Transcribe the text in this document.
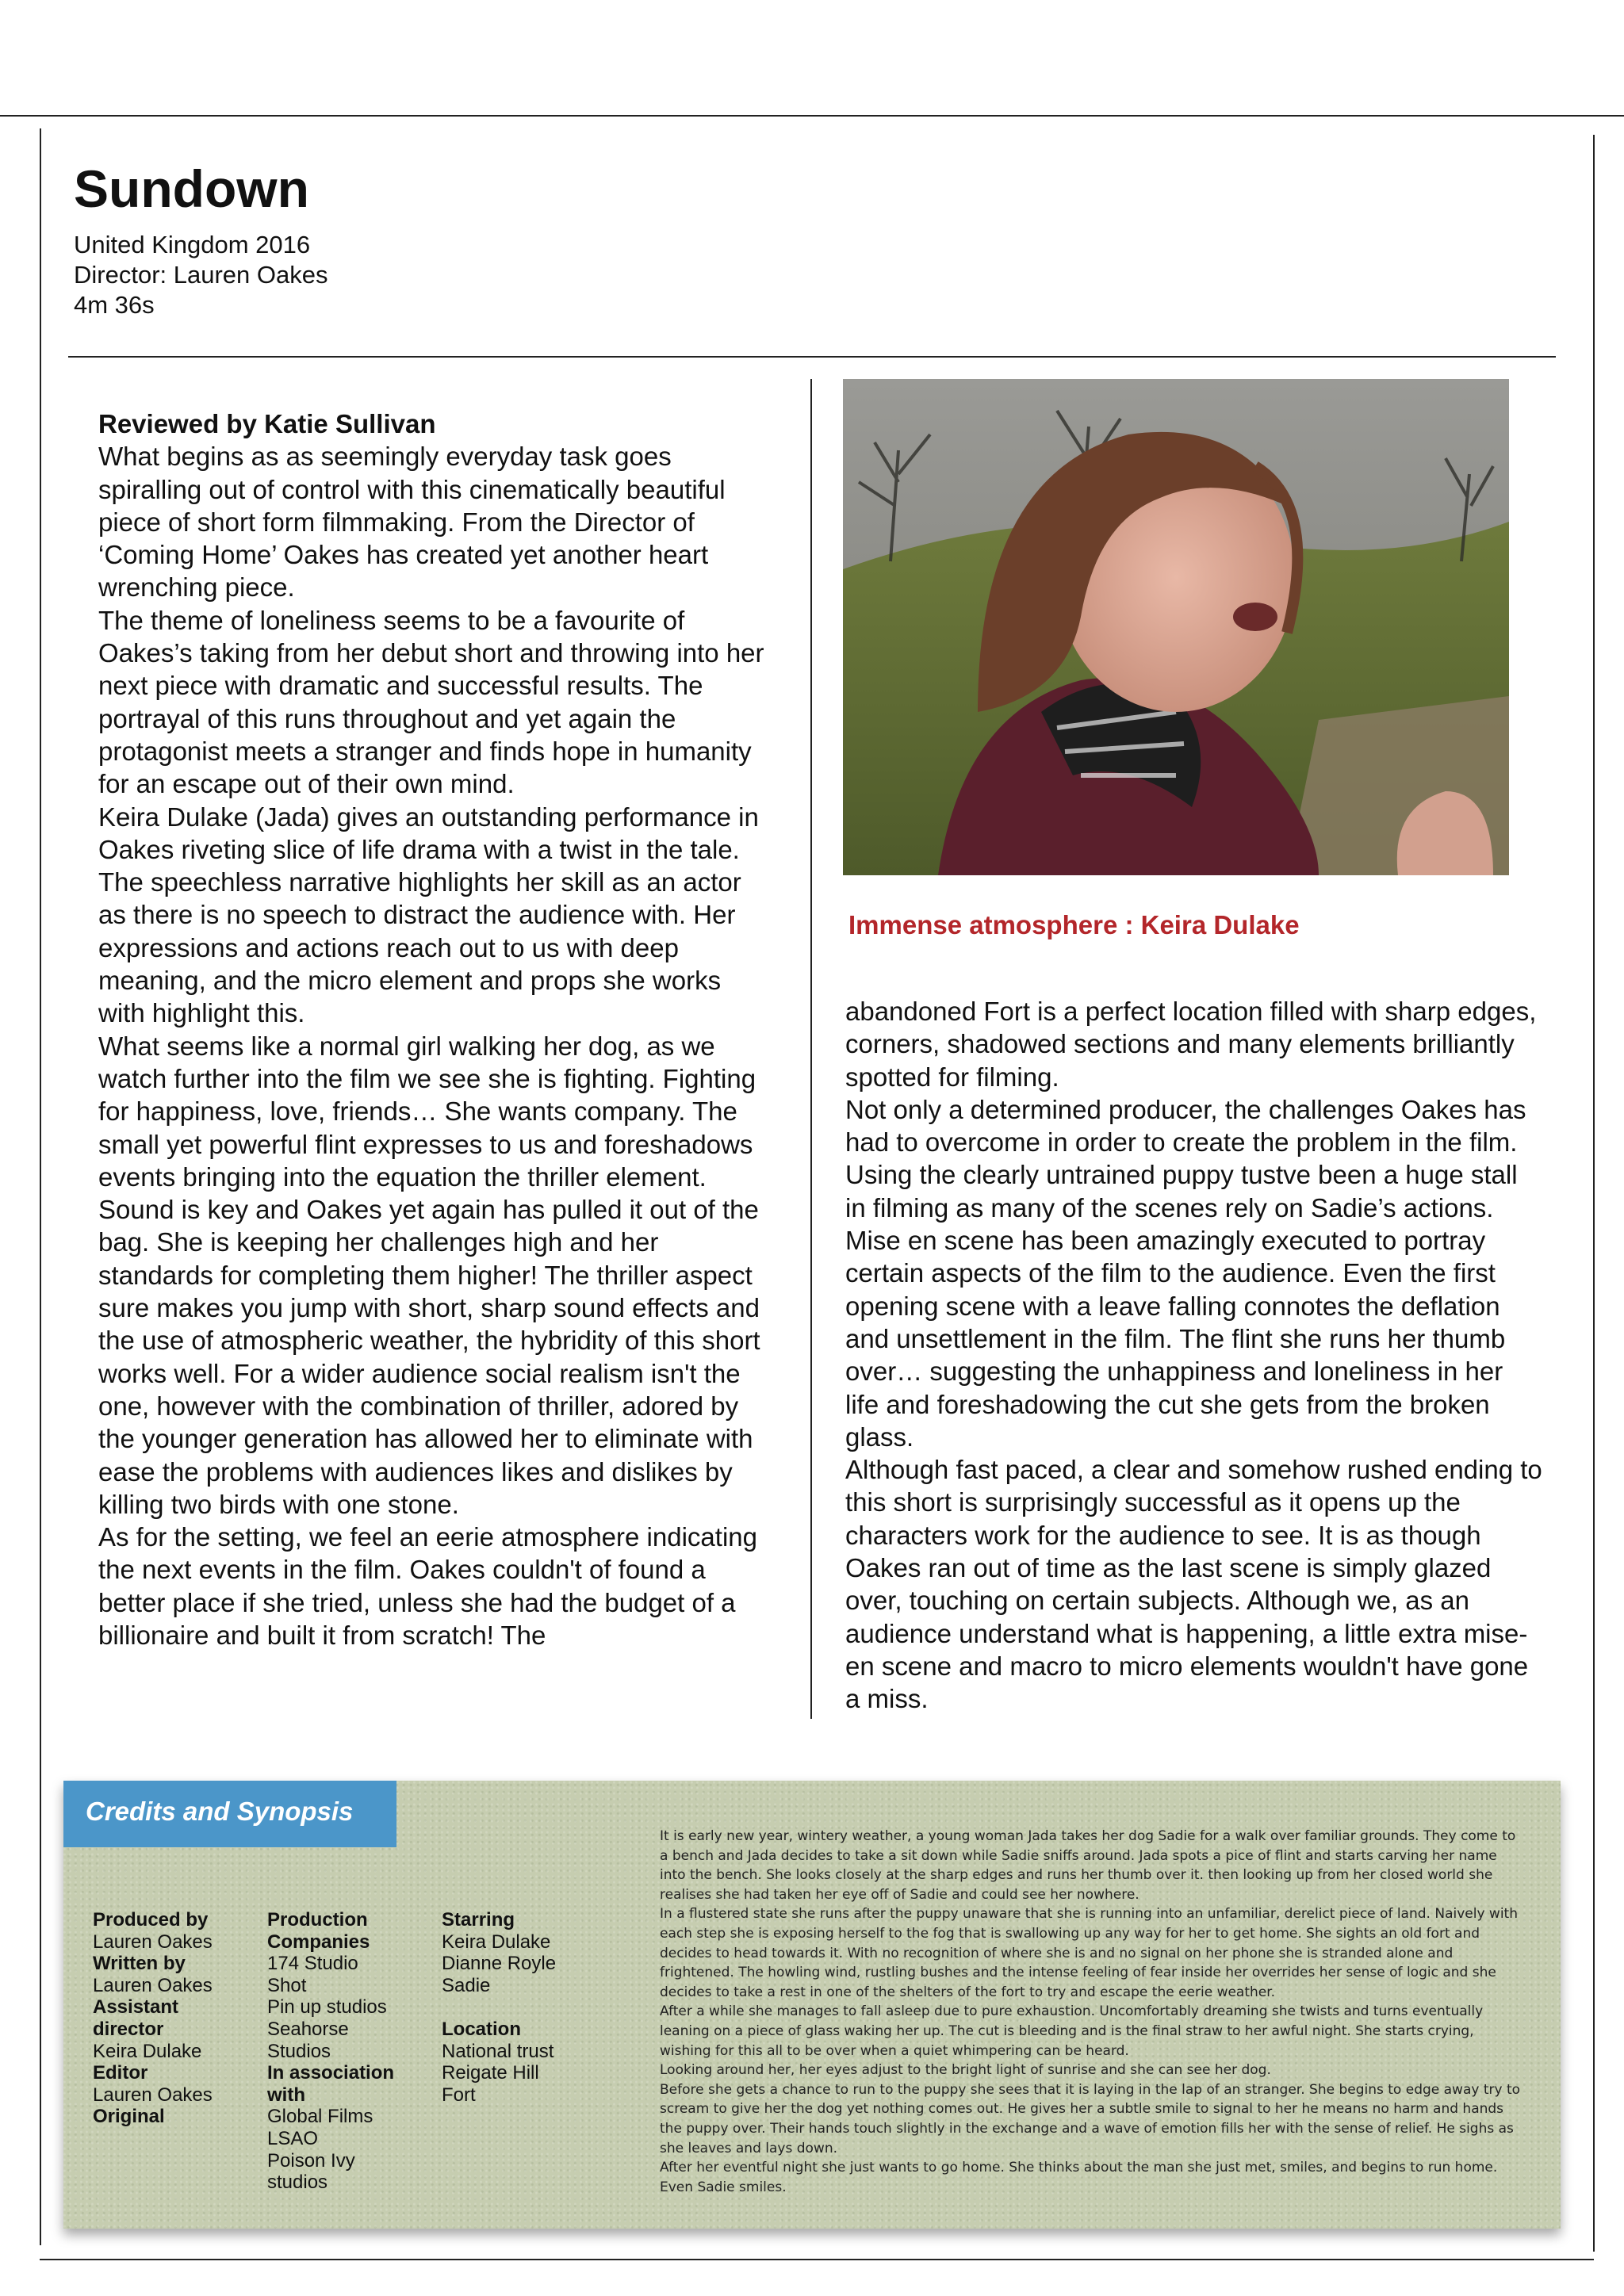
Sundown
United Kingdom 2016
Director: Lauren Oakes
4m 36s

Reviewed by Katie Sullivan

What begins as as seemingly everyday task goes spiralling out of control with this cinematically beautiful piece of short form filmmaking. From the Director of ‘Coming Home’ Oakes has created yet another heart wrenching piece.

The theme of loneliness seems to be a favourite of Oakes’s taking from her debut short and throwing into her next piece with dramatic and successful results. The portrayal of this runs throughout and yet again the protagonist meets a stranger and finds hope in humanity for an escape out of their own mind.

Keira Dulake (Jada) gives an outstanding performance in Oakes riveting slice of life drama with a twist in the tale. The speechless narrative highlights her skill as an actor as there is no speech to distract the audience with. Her expressions and actions reach out to us with deep meaning, and the micro element and props she works with highlight this.

What seems like a normal girl walking her dog, as we watch further into the film we see she is fighting. Fighting for happiness, love, friends… She wants company. The small yet powerful flint expresses to us and foreshadows events bringing into the equation the thriller element.

Sound is key and Oakes yet again has pulled it out of the bag. She is keeping her challenges high and her standards for completing them higher! The thriller aspect sure makes you jump with short, sharp sound effects and the use of atmospheric weather, the hybridity of this short works well. For a wider audience social realism isn't the one, however with the combination of thriller, adored by the younger generation has allowed her to eliminate with ease the problems with audiences likes and dislikes by killing two birds with one stone.

As for the setting, we feel an eerie atmosphere indicating the next events in the film. Oakes couldn't of found a better place if she tried, unless she had the budget of a billionaire and built it from scratch! The

Immense atmosphere : Keira Dulake

abandoned Fort is a perfect location filled with sharp edges, corners, shadowed sections and many elements brilliantly spotted for filming.

Not only a determined producer, the challenges Oakes has had to overcome in order to create the problem in the film. Using the clearly untrained puppy tustve been a huge stall in filming as many of the scenes rely on Sadie’s actions.

Mise en scene has been amazingly executed to portray certain aspects of the film to the audience. Even the first opening scene with a leave falling connotes the deflation and unsettlement in the film. The flint she runs her thumb over… suggesting the unhappiness and loneliness in her life and foreshadowing the cut she gets from the broken glass.

Although fast paced, a clear and somehow rushed ending to this short is surprisingly successful as it opens up the characters work for the audience to see. It is as though Oakes ran out of time as the last scene is simply glazed over, touching on certain subjects. Although we, as an audience understand what is happening, a little extra mise-en scene and macro to micro elements wouldn't have gone a miss.

Credits and Synopsis
Produced by
Lauren Oakes
Written by
Lauren Oakes
Assistant
director
Keira Dulake
Editor
Lauren Oakes
Original
Production
Companies
174 Studio
Shot
Pin up studios
Seahorse
Studios
In association
with
Global Films
LSAO
Poison Ivy
studios
Starring
Keira Dulake
Dianne Royle
Sadie

Location
National trust
Reigate Hill
Fort

It is early new year, wintery weather, a young woman Jada takes her dog Sadie for a walk over familiar grounds. They come to a bench and Jada decides to take a sit down while Sadie sniffs around. Jada spots a pice of flint and starts carving her name into the bench. She looks closely at the sharp edges and runs her thumb over it. then looking up from her closed world she realises she had taken her eye off of Sadie and could see her nowhere.

In a flustered state she runs after the puppy unaware that she is running into an unfamiliar, derelict piece of land. Naively with each step she is exposing herself to the fog that is swallowing up any way for her to get home. She sights an old fort and decides to head towards it. With no recognition of where she is and no signal on her phone she is stranded alone and frightened. The howling wind, rustling bushes and the intense feeling of fear inside her overrides her sense of logic and she decides to take a rest in one of the shelters of the fort to try and escape the eerie weather.

After a while she manages to fall asleep due to pure exhaustion. Uncomfortably dreaming she twists and turns eventually leaning on a piece of glass waking her up. The cut is bleeding and is the final straw to her awful night. She starts crying, wishing for this all to be over when a quiet whimpering can be heard.

Looking around her, her eyes adjust to the bright light of sunrise and she can see her dog.

Before she gets a chance to run to the puppy she sees that it is laying in the lap of an stranger. She begins to edge away try to scream to give her the dog yet nothing comes out. He gives her a subtle smile to signal to her he means no harm and hands the puppy over. Their hands touch slightly in the exchange and a wave of emotion fills her with the sense of relief. He sighs as she leaves and lays down.

After her eventful night she just wants to go home. She thinks about the man she just met, smiles, and begins to run home. Even Sadie smiles.
